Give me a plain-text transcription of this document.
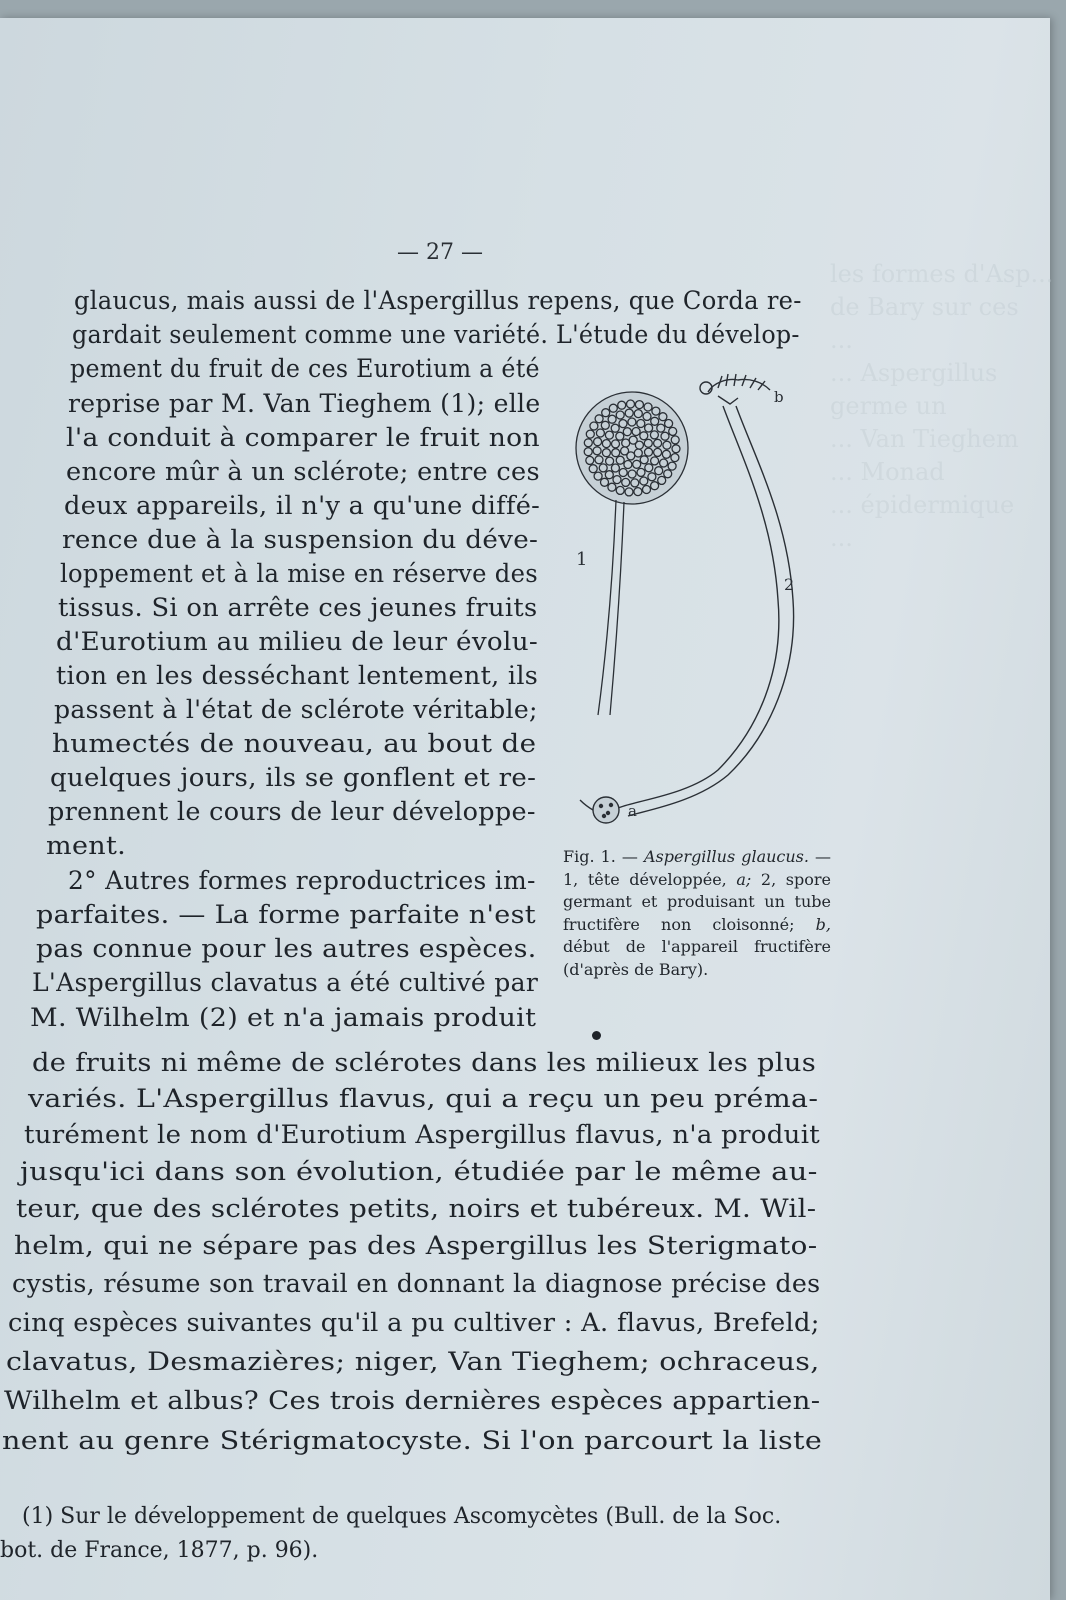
les formes d'Asp...
de Bary sur ces
...
... Aspergillus
germe un
... Van Tieghem
... Monad
... épidermique
...
— 27 —
glaucus, mais aussi de l'Aspergillus repens, que Corda re-
gardait seulement comme une variété. L'étude du dévelop-
pement du fruit de ces Eurotium a été
reprise par M. Van Tieghem (1); elle
l'a conduit à comparer le fruit non
encore mûr à un sclérote; entre ces
deux appareils, il n'y a qu'une diffé-
rence due à la suspension du déve-
loppement et à la mise en réserve des
tissus. Si on arrête ces jeunes fruits
d'Eurotium au milieu de leur évolu-
tion en les desséchant lentement, ils
passent à l'état de sclérote véritable;
humectés de nouveau, au bout de
quelques jours, ils se gonflent et re-
prennent le cours de leur développe-
ment.
2° Autres formes reproductrices im-
parfaites. — La forme parfaite n'est
pas connue pour les autres espèces.
L'Aspergillus clavatus a été cultivé par
M. Wilhelm (2) et n'a jamais produit
de fruits ni même de sclérotes dans les milieux les plus
variés. L'Aspergillus flavus, qui a reçu un peu préma-
turément le nom d'Eurotium Aspergillus flavus, n'a produit
jusqu'ici dans son évolution, étudiée par le même au-
teur, que des sclérotes petits, noirs et tubéreux. M. Wil-
helm, qui ne sépare pas des Aspergillus les Sterigmato-
cystis, résume son travail en donnant la diagnose précise des
cinq espèces suivantes qu'il a pu cultiver : A. flavus, Brefeld;
clavatus, Desmazières; niger, Van Tieghem; ochraceus,
Wilhelm et albus? Ces trois dernières espèces appartien-
nent au genre Stérigmatocyste. Si l'on parcourt la liste
1
2
a
b
Fig. 1. — Aspergillus glaucus. — 1, tête développée, a; 2, spore germant et produisant un tube fructifère non cloisonné; b, début de l'appareil fructifère (d'après de Bary).
(1) Sur le développement de quelques Ascomycètes (Bull. de la Soc.
bot. de France, 1877, p. 96).
